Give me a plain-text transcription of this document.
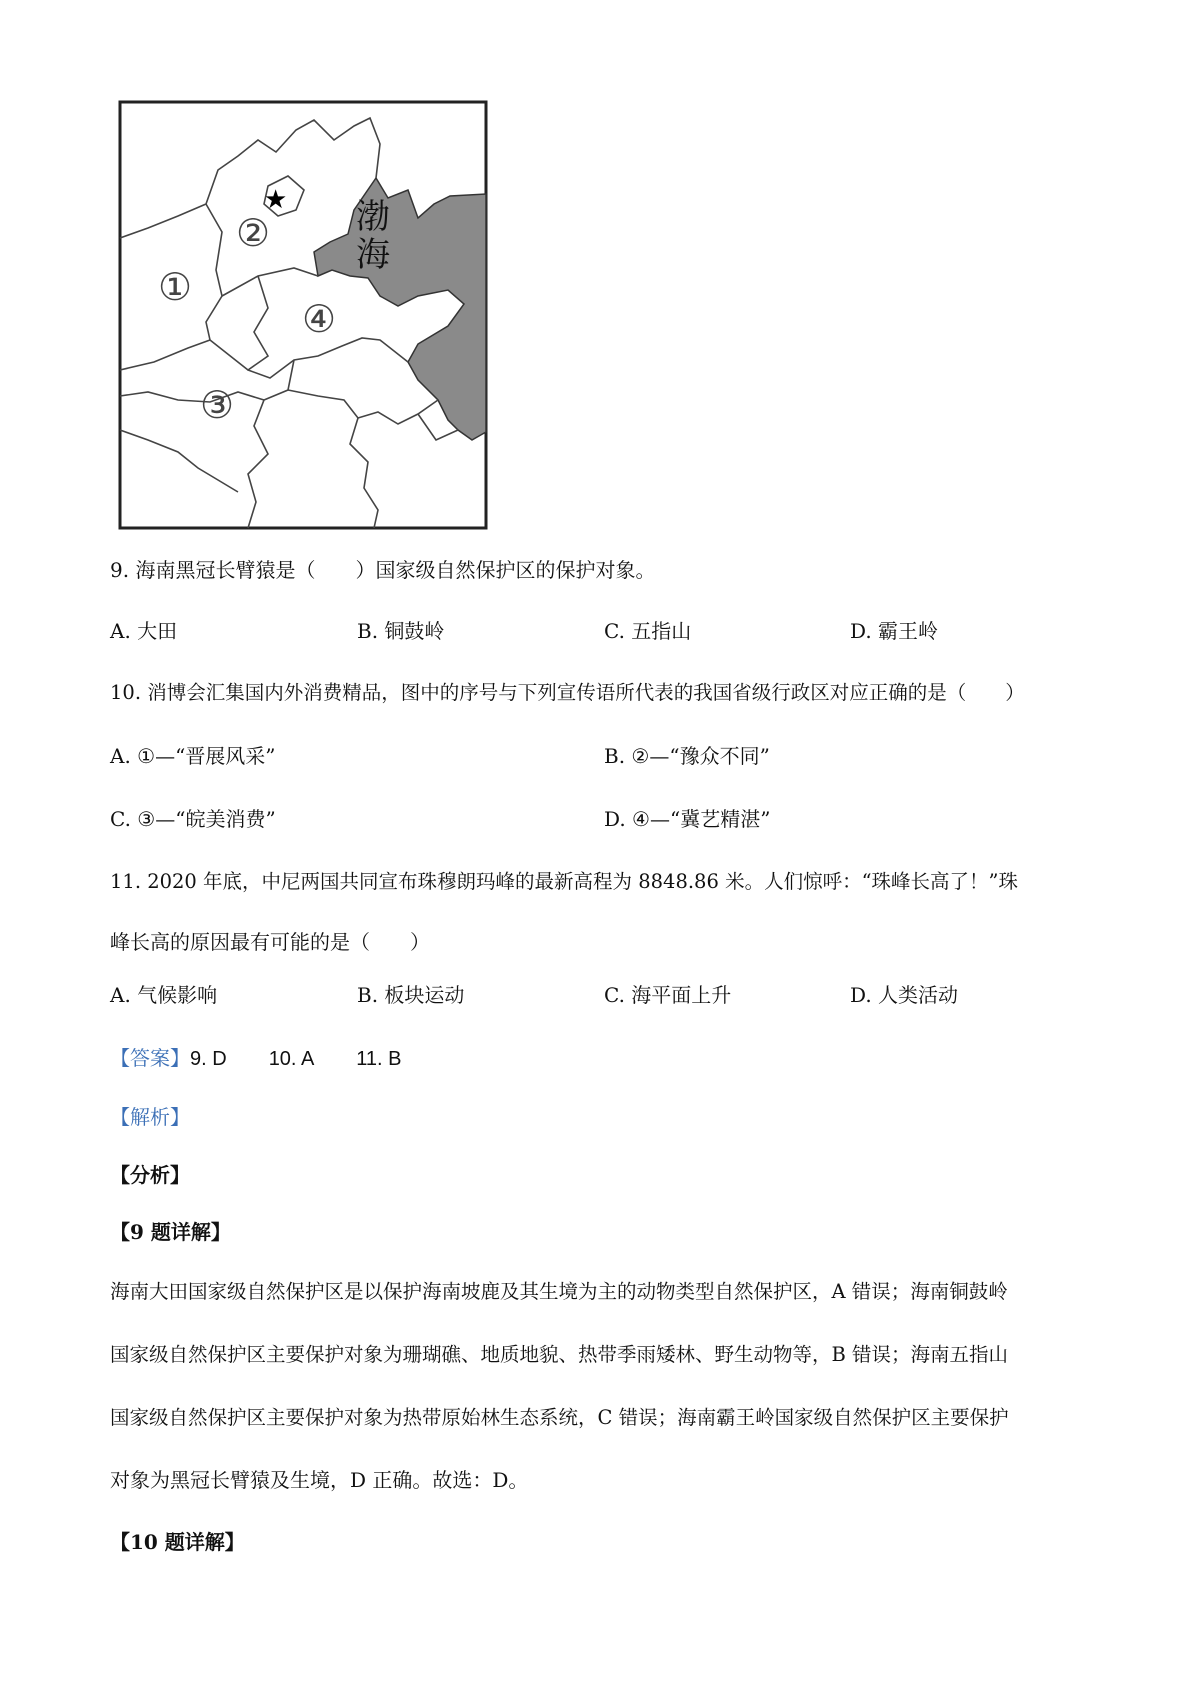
渤
海
★
①
②
③
④
9. 海南黑冠长臂猿是（　　）国家级自然保护区的保护对象。
A. 大田	B. 铜鼓岭	C. 五指山	D. 霸王岭
10. 消博会汇集国内外消费精品，图中的序号与下列宣传语所代表的我国省级行政区对应正确的是（　　）
A. ①—“晋展风采”	B. ②—“豫众不同”
C. ③—“皖美消费”	D. ④—“冀艺精湛”
11. 2020 年底，中尼两国共同宣布珠穆朗玛峰的最新高程为 8848.86 米。人们惊呼：“珠峰长高了！”珠
峰长高的原因最有可能的是（　　）
A. 气候影响	B. 板块运动	C. 海平面上升	D. 人类活动
【答案】9. D 10. A 11. B
【解析】
【分析】
【9 题详解】
海南大田国家级自然保护区是以保护海南坡鹿及其生境为主的动物类型自然保护区，A 错误；海南铜鼓岭
国家级自然保护区主要保护对象为珊瑚礁、地质地貌、热带季雨矮林、野生动物等，B 错误；海南五指山
国家级自然保护区主要保护对象为热带原始林生态系统，C 错误；海南霸王岭国家级自然保护区主要保护
对象为黑冠长臂猿及生境，D 正确。故选：D。
【10 题详解】
